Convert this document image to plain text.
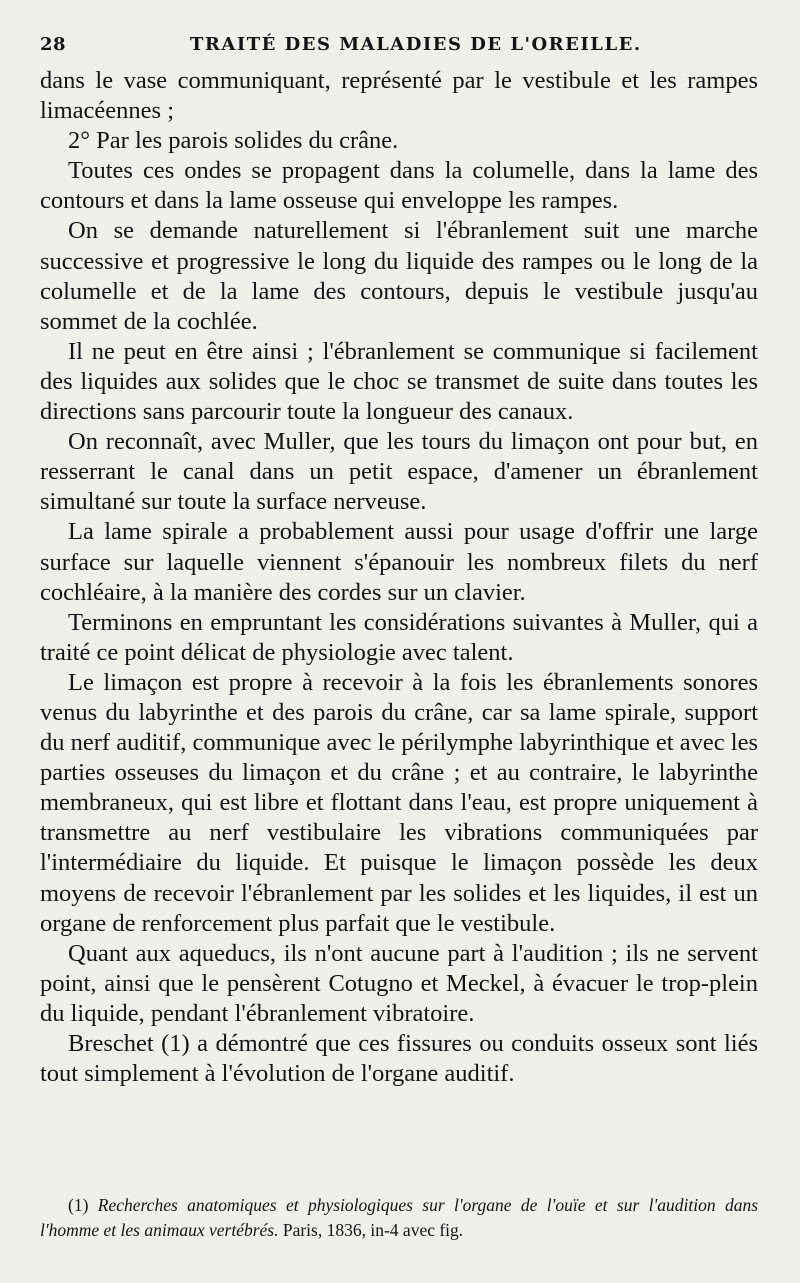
28	TRAITÉ DES MALADIES DE L'OREILLE.

dans le vase communiquant, représenté par le vestibule et les rampes limacéennes ;

2° Par les parois solides du crâne.

Toutes ces ondes se propagent dans la columelle, dans la lame des contours et dans la lame osseuse qui enveloppe les rampes.

On se demande naturellement si l'ébranlement suit une marche successive et progressive le long du liquide des rampes ou le long de la columelle et de la lame des contours, depuis le vestibule jusqu'au sommet de la cochlée.

Il ne peut en être ainsi ; l'ébranlement se communique si facilement des liquides aux solides que le choc se transmet de suite dans toutes les directions sans parcourir toute la longueur des canaux.

On reconnaît, avec Muller, que les tours du limaçon ont pour but, en resserrant le canal dans un petit espace, d'amener un ébranlement simultané sur toute la surface nerveuse.

La lame spirale a probablement aussi pour usage d'offrir une large surface sur laquelle viennent s'épanouir les nombreux filets du nerf cochléaire, à la manière des cordes sur un clavier.

Terminons en empruntant les considérations suivantes à Muller, qui a traité ce point délicat de physiologie avec talent.

Le limaçon est propre à recevoir à la fois les ébranlements sonores venus du labyrinthe et des parois du crâne, car sa lame spirale, support du nerf auditif, communique avec le périlymphe labyrinthique et avec les parties osseuses du limaçon et du crâne ; et au contraire, le labyrinthe membraneux, qui est libre et flottant dans l'eau, est propre uniquement à transmettre au nerf vestibulaire les vibrations communiquées par l'intermédiaire du liquide. Et puisque le limaçon possède les deux moyens de recevoir l'ébranlement par les solides et les liquides, il est un organe de renforcement plus parfait que le vestibule.

Quant aux aqueducs, ils n'ont aucune part à l'audition ; ils ne servent point, ainsi que le pensèrent Cotugno et Meckel, à évacuer le trop-plein du liquide, pendant l'ébranlement vibratoire.

Breschet (1) a démontré que ces fissures ou conduits osseux sont liés tout simplement à l'évolution de l'organe auditif.

(1) Recherches anatomiques et physiologiques sur l'organe de l'ouïe et sur l'audition dans l'homme et les animaux vertébrés. Paris, 1836, in-4 avec fig.
